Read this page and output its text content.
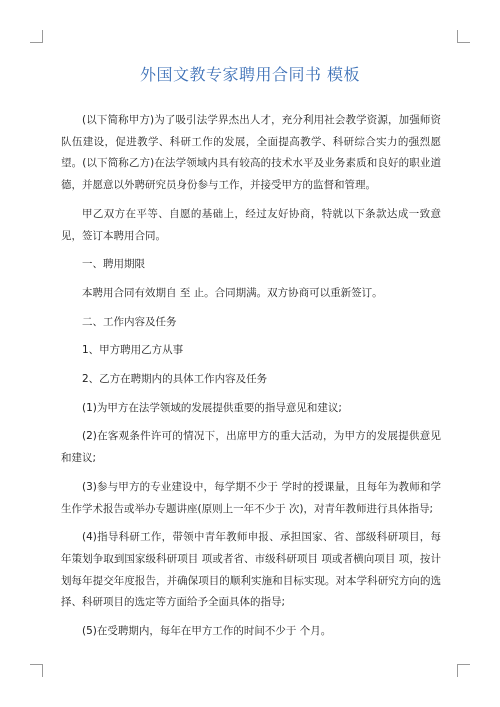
外国文教专家聘用合同书 模板

(以下简称甲方)为了吸引法学界杰出人才，充分利用社会教学资源，加强师资队伍建设，促进教学、科研工作的发展，全面提高教学、科研综合实力的强烈愿望。(以下简称乙方)在法学领域内具有较高的技术水平及业务素质和良好的职业道德，并愿意以外聘研究员身份参与工作，并接受甲方的监督和管理。

甲乙双方在平等、自愿的基础上，经过友好协商，特就以下条款达成一致意见，签订本聘用合同。

一、聘用期限

本聘用合同有效期自 至 止。合同期满。双方协商可以重新签订。

二、工作内容及任务

1、甲方聘用乙方从事

2、乙方在聘期内的具体工作内容及任务

(1)为甲方在法学领域的发展提供重要的指导意见和建议;

(2)在客观条件许可的情况下，出席甲方的重大活动，为甲方的发展提供意见和建议;

(3)参与甲方的专业建设中，每学期不少于 学时的授课量，且每年为教师和学生作学术报告或举办专题讲座(原则上一年不少于 次)，对青年教师进行具体指导;

(4)指导科研工作，带领中青年教师申报、承担国家、省、部级科研项目，每年策划争取到国家级科研项目 项或者省、市级科研项目 项或者横向项目 项，按计划每年提交年度报告，并确保项目的顺利实施和目标实现。对本学科研究方向的选择、科研项目的选定等方面给予全面具体的指导;

(5)在受聘期内，每年在甲方工作的时间不少于 个月。
